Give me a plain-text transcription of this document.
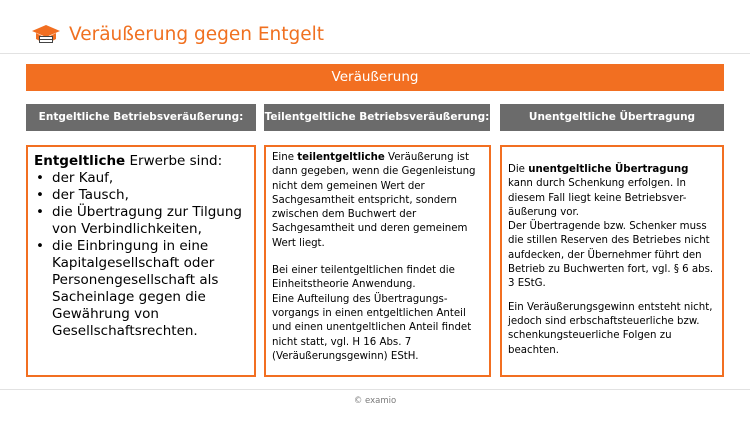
Veräußerung gegen Entgelt
Veräußerung
Entgeltliche Betriebsveräußerung:	Teilentgeltliche Betriebsveräußerung:	Unentgeltliche Übertragung
Entgeltliche Erwerbe sind:
• der Kauf,
• der Tausch,
• die Übertragung zur Tilgung von Verbindlichkeiten,
• die Einbringung in eine Kapitalgesellschaft oder Personengesellschaft als Sacheinlage gegen die Gewährung von Gesellschaftsrechten.
Eine teilentgeltliche Veräußerung ist dann gegeben, wenn die Gegenleistung nicht dem gemeinen Wert der Sachgesamtheit entspricht, sondern zwischen dem Buchwert der Sachgesamtheit und deren gemeinem Wert liegt.
Bei einer teilentgeltlichen findet die Einheitstheorie Anwendung.
Eine Aufteilung des Übertragungs-vorgangs in einen entgeltlichen Anteil und einen unentgeltlichen Anteil findet nicht statt, vgl. H 16 Abs. 7 (Veräußerungsgewinn) EStH.
Die unentgeltliche Übertragung kann durch Schenkung erfolgen. In diesem Fall liegt keine Betriebsver-äußerung vor.
Der Übertragende bzw. Schenker muss die stillen Reserven des Betriebes nicht aufdecken, der Übernehmer führt den Betrieb zu Buchwerten fort, vgl. § 6 abs. 3 EStG.
Ein Veräußerungsgewinn entsteht nicht, jedoch sind erbschaftsteuerliche bzw. schenkungsteuerliche Folgen zu beachten.
© examio
